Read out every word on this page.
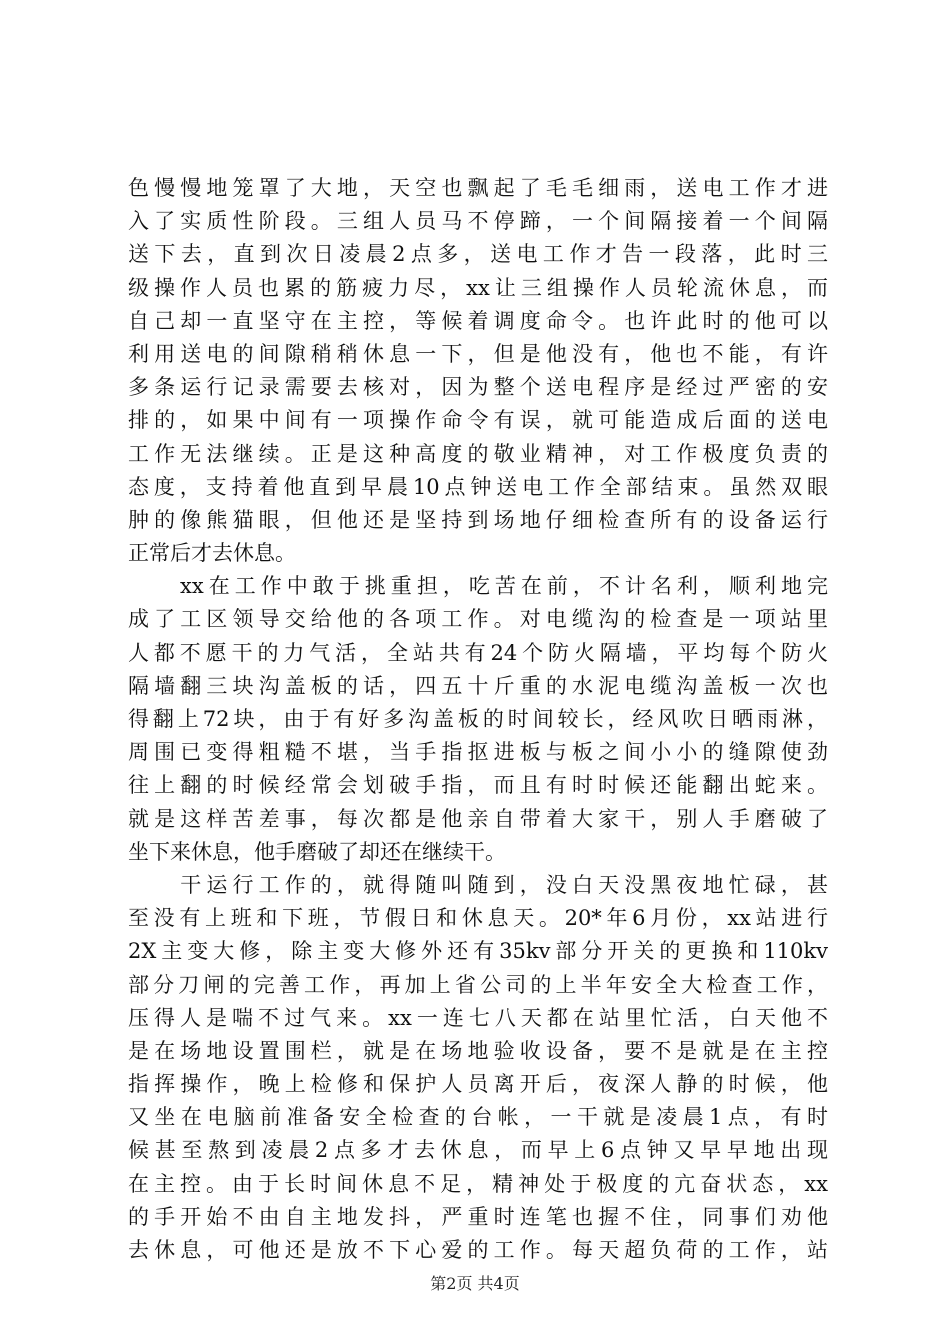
色慢慢地笼罩了大地，天空也飘起了毛毛细雨，送电工作才进
入了实质性阶段。三组人员马不停蹄，一个间隔接着一个间隔
送下去，直到次日凌晨2点多，送电工作才告一段落，此时三
级操作人员也累的筋疲力尽，xx让三组操作人员轮流休息，而
自己却一直坚守在主控，等候着调度命令。也许此时的他可以
利用送电的间隙稍稍休息一下，但是他没有，他也不能，有许
多条运行记录需要去核对，因为整个送电程序是经过严密的安
排的，如果中间有一项操作命令有误，就可能造成后面的送电
工作无法继续。正是这种高度的敬业精神，对工作极度负责的
态度，支持着他直到早晨10点钟送电工作全部结束。虽然双眼
肿的像熊猫眼，但他还是坚持到场地仔细检查所有的设备运行
正常后才去休息。
　　xx在工作中敢于挑重担，吃苦在前，不计名利，顺利地完
成了工区领导交给他的各项工作。对电缆沟的检查是一项站里
人都不愿干的力气活，全站共有24个防火隔墙，平均每个防火
隔墙翻三块沟盖板的话，四五十斤重的水泥电缆沟盖板一次也
得翻上72块，由于有好多沟盖板的时间较长，经风吹日晒雨淋，
周围已变得粗糙不堪，当手指抠进板与板之间小小的缝隙使劲
往上翻的时候经常会划破手指，而且有时时候还能翻出蛇来。
就是这样苦差事，每次都是他亲自带着大家干，别人手磨破了
坐下来休息，他手磨破了却还在继续干。
　　干运行工作的，就得随叫随到，没白天没黑夜地忙碌，甚
至没有上班和下班，节假日和休息天。20*年6月份，xx站进行
2X主变大修，除主变大修外还有35kv部分开关的更换和110kv
部分刀闸的完善工作，再加上省公司的上半年安全大检查工作，
压得人是喘不过气来。xx一连七八天都在站里忙活，白天他不
是在场地设置围栏，就是在场地验收设备，要不是就是在主控
指挥操作，晚上检修和保护人员离开后，夜深人静的时候，他
又坐在电脑前准备安全检查的台帐，一干就是凌晨1点，有时
候甚至熬到凌晨2点多才去休息，而早上6点钟又早早地出现
在主控。由于长时间休息不足，精神处于极度的亢奋状态，xx
的手开始不由自主地发抖，严重时连笔也握不住，同事们劝他
去休息，可他还是放不下心爱的工作。每天超负荷的工作，站
第2页 共4页
